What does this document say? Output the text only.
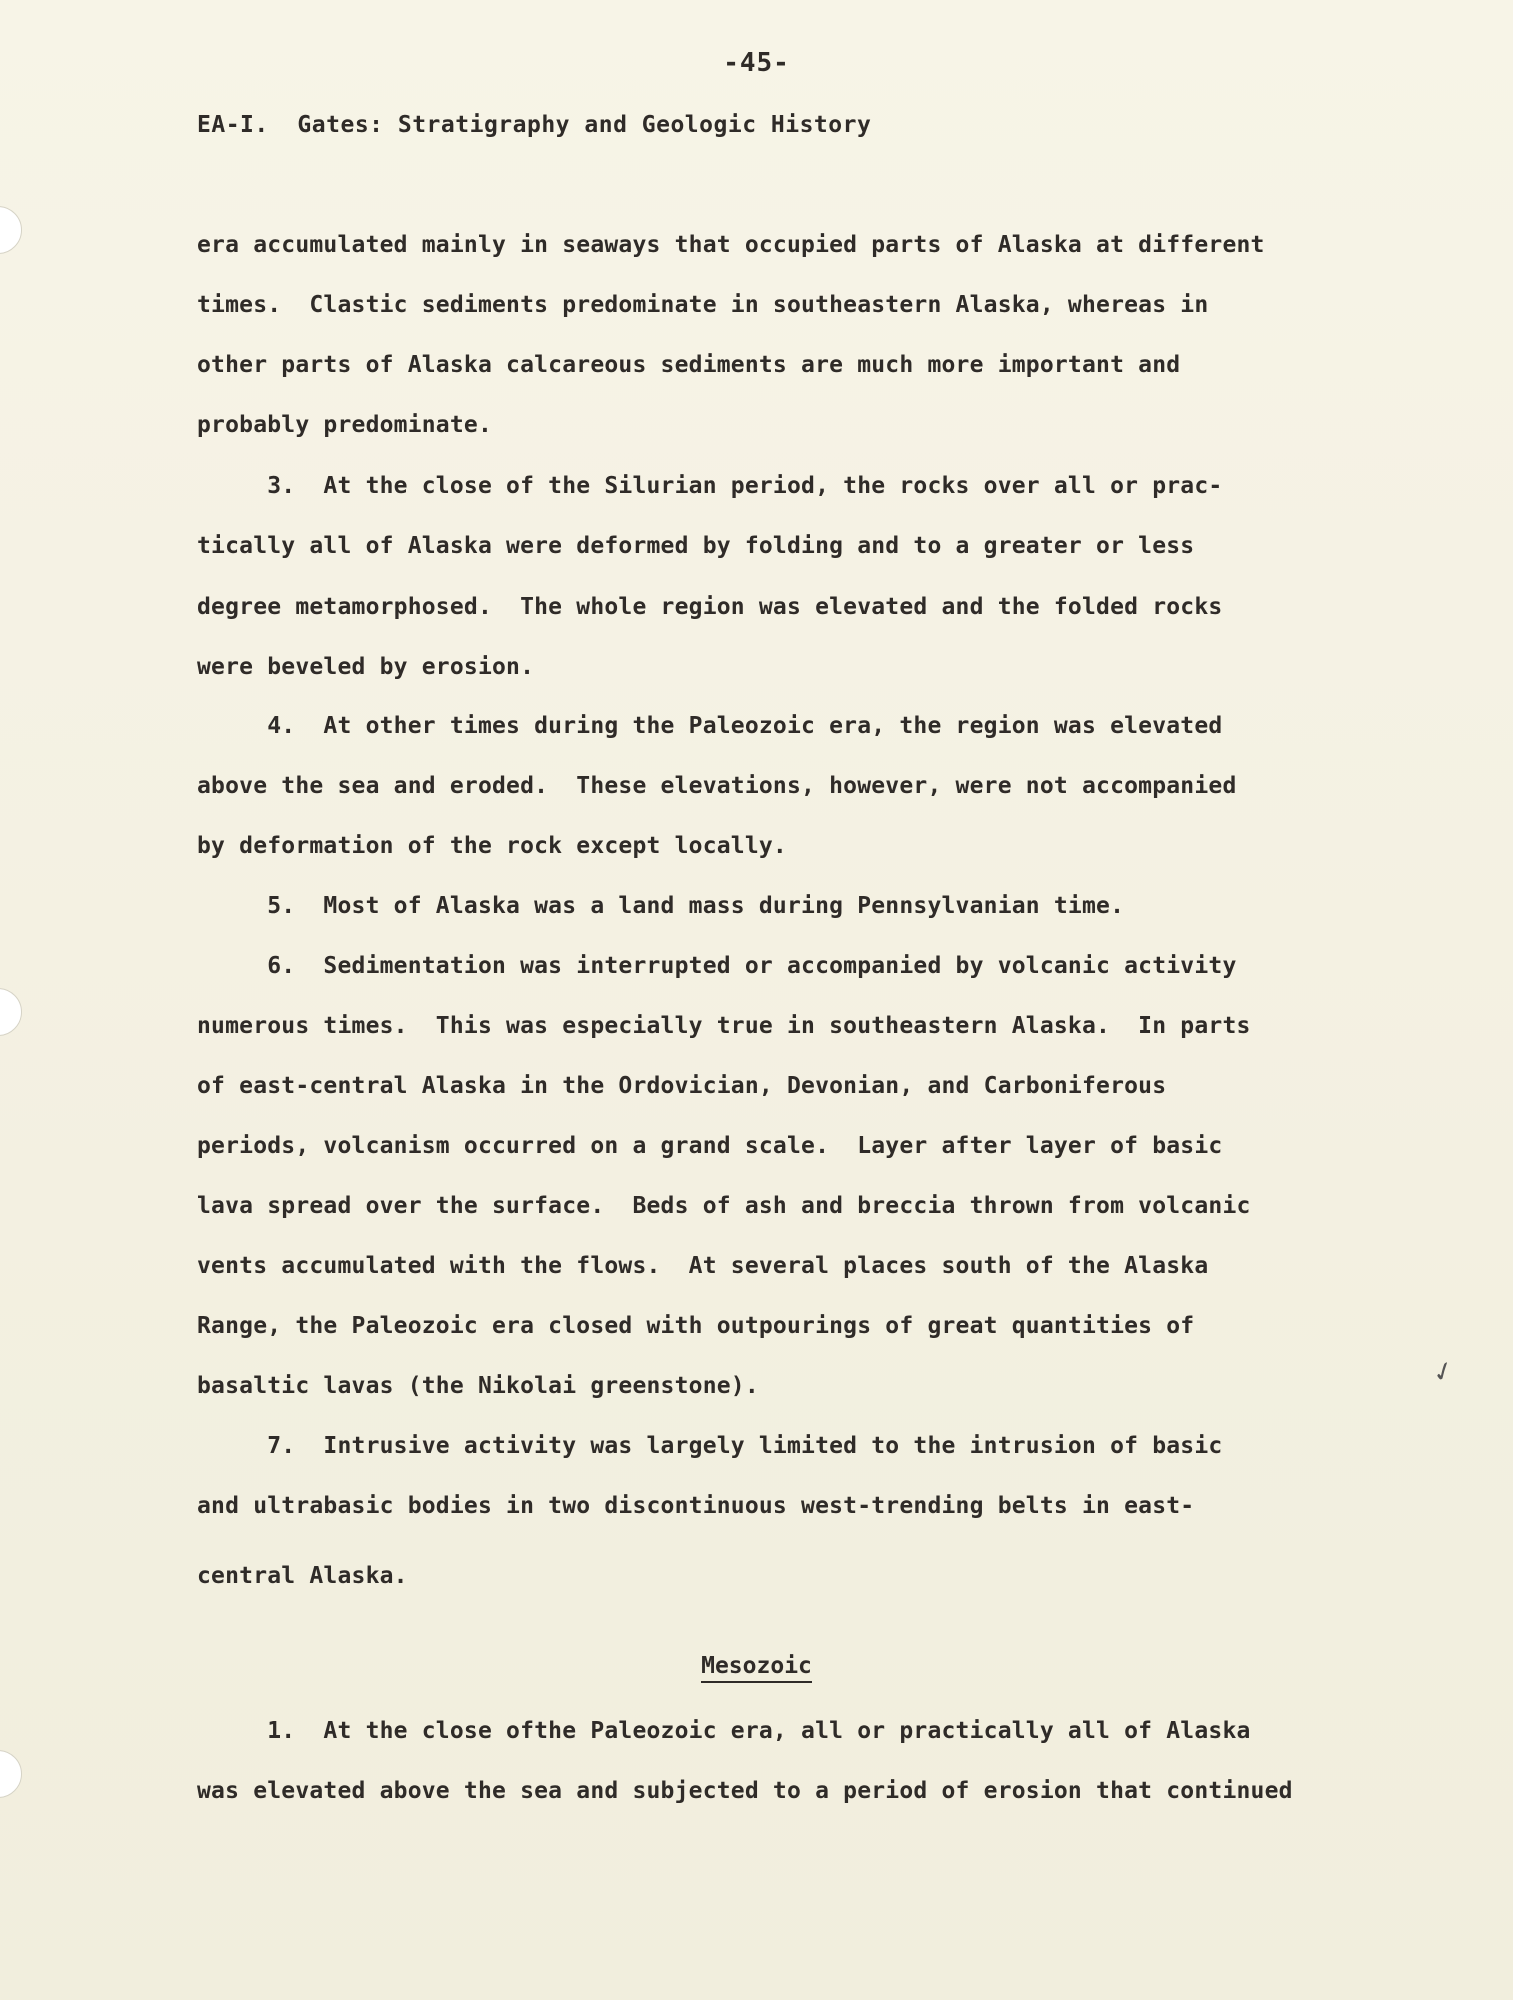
-45-
EA-I.  Gates: Stratigraphy and Geologic History
era accumulated mainly in seaways that occupied parts of Alaska at different
times.  Clastic sediments predominate in southeastern Alaska, whereas in
other parts of Alaska calcareous sediments are much more important and
probably predominate.
3.  At the close of the Silurian period, the rocks over all or prac-
tically all of Alaska were deformed by folding and to a greater or less
degree metamorphosed.  The whole region was elevated and the folded rocks
were beveled by erosion.
4.  At other times during the Paleozoic era, the region was elevated
above the sea and eroded.  These elevations, however, were not accompanied
by deformation of the rock except locally.
5.  Most of Alaska was a land mass during Pennsylvanian time.
6.  Sedimentation was interrupted or accompanied by volcanic activity
numerous times.  This was especially true in southeastern Alaska.  In parts
of east-central Alaska in the Ordovician, Devonian, and Carboniferous
periods, volcanism occurred on a grand scale.  Layer after layer of basic
lava spread over the surface.  Beds of ash and breccia thrown from volcanic
vents accumulated with the flows.  At several places south of the Alaska
Range, the Paleozoic era closed with outpourings of great quantities of
basaltic lavas (the Nikolai greenstone).
7.  Intrusive activity was largely limited to the intrusion of basic
and ultrabasic bodies in two discontinuous west-trending belts in east-
central Alaska.
Mesozoic
1.  At the close ofthe Paleozoic era, all or practically all of Alaska
was elevated above the sea and subjected to a period of erosion that continued
✓
